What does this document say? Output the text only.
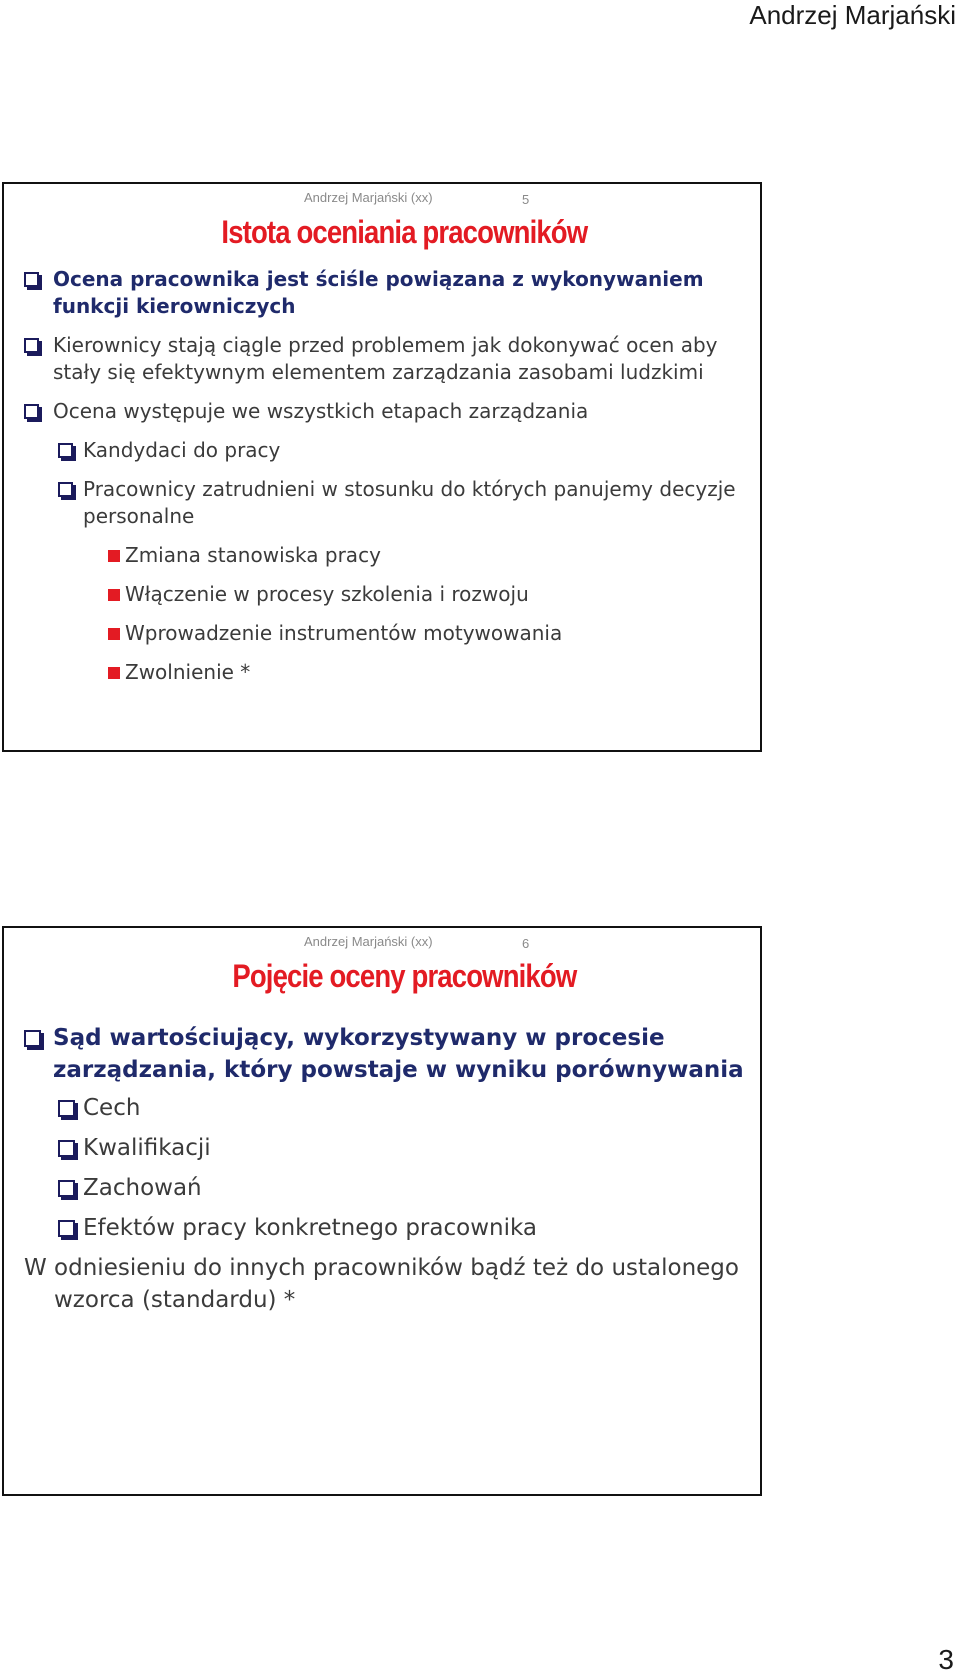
Andrzej Marjański
Andrzej Marjański (xx)	5
Istota oceniania pracowników
Ocena pracownika jest ściśle powiązana z wykonywaniem funkcji kierowniczych
Kierownicy stają ciągle przed problemem jak dokonywać ocen aby stały się efektywnym elementem zarządzania zasobami ludzkimi
Ocena występuje we wszystkich etapach zarządzania
Kandydaci do pracy
Pracownicy zatrudnieni w stosunku do których panujemy decyzje personalne
Zmiana stanowiska pracy
Włączenie w procesy szkolenia i rozwoju
Wprowadzenie instrumentów motywowania
Zwolnienie *
Andrzej Marjański (xx)	6
Pojęcie oceny pracowników
Sąd wartościujący, wykorzystywany w procesie zarządzania, który powstaje w wyniku porównywania
Cech
Kwalifikacji
Zachowań
Efektów pracy konkretnego pracownika
W odniesieniu do innych pracowników bądź też do ustalonego wzorca (standardu) *
3
